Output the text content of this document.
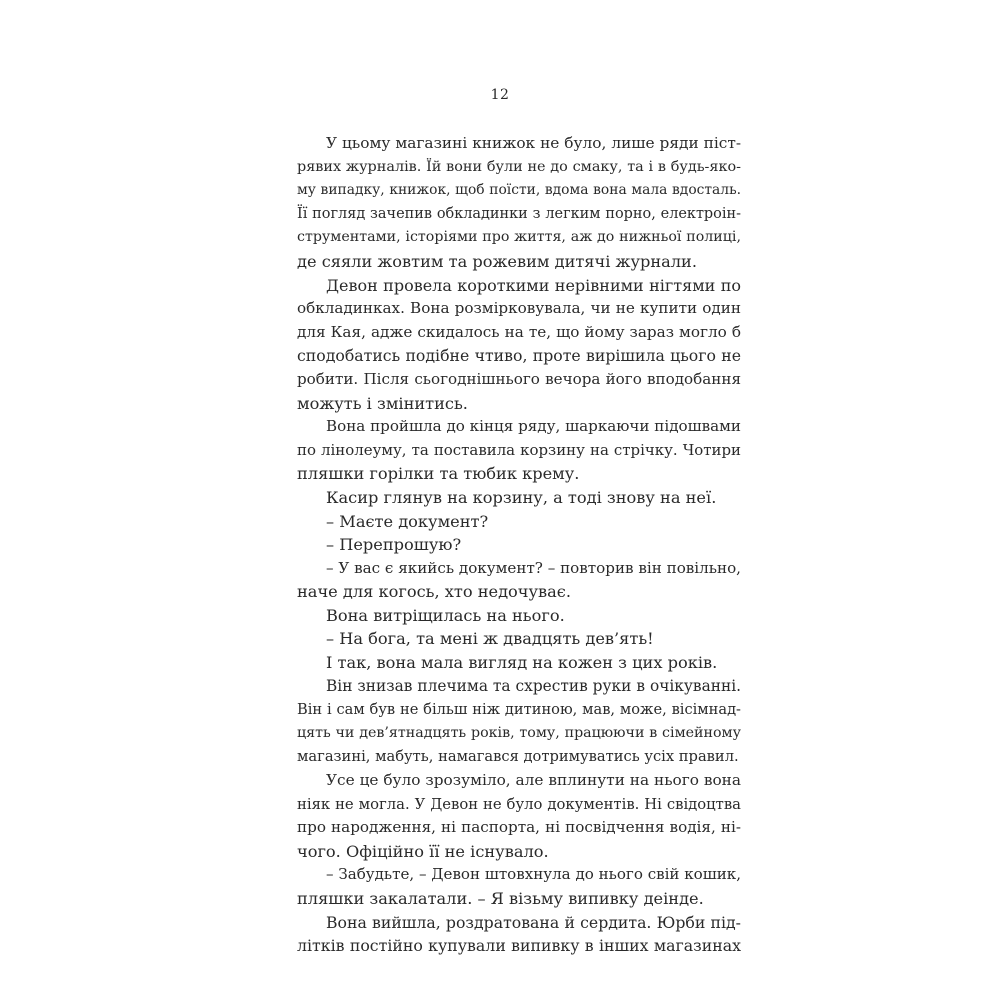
12
У цьому магазині книжок не було, лише ряди піст-
рявих журналів. Їй вони були не до смаку, та і в будь-яко-
му випадку, книжок, щоб поїсти, вдома вона мала вдосталь.
Її погляд зачепив обкладинки з легким порно, електроін-
струментами, історіями про життя, аж до нижньої полиці,
де сяяли жовтим та рожевим дитячі журнали.
Девон провела короткими нерівними нігтями по
обкладинках. Вона розмірковувала, чи не купити один
для Кая, адже скидалось на те, що йому зараз могло б
сподобатись подібне чтиво, проте вирішила цього не
робити. Після сьогоднішнього вечора його вподобання
можуть і змінитись.
Вона пройшла до кінця ряду, шаркаючи підошвами
по лінолеуму, та поставила корзину на стрічку. Чотири
пляшки горілки та тюбик крему.
Касир глянув на корзину, а тоді знову на неї.
– Маєте документ?
– Перепрошую?
– У вас є якийсь документ? – повторив він повільно,
наче для когось, хто недочуває.
Вона витріщилась на нього.
– На бога, та мені ж двадцять дев’ять!
І так, вона мала вигляд на кожен з цих років.
Він знизав плечима та схрестив руки в очікуванні.
Він і сам був не більш ніж дитиною, мав, може, вісімнад-
цять чи дев’ятнадцять років, тому, працюючи в сімейному
магазині, мабуть, намагався дотримуватись усіх правил.
Усе це було зрозуміло, але вплинути на нього вона
ніяк не могла. У Девон не було документів. Ні свідоцтва
про народження, ні паспорта, ні посвідчення водія, ні-
чого. Офіційно її не існувало.
– Забудьте, – Девон штовхнула до нього свій кошик,
пляшки закалатали. – Я візьму випивку деінде.
Вона вийшла, роздратована й сердита. Юрби під-
літків постійно купували випивку в інших магазинах
